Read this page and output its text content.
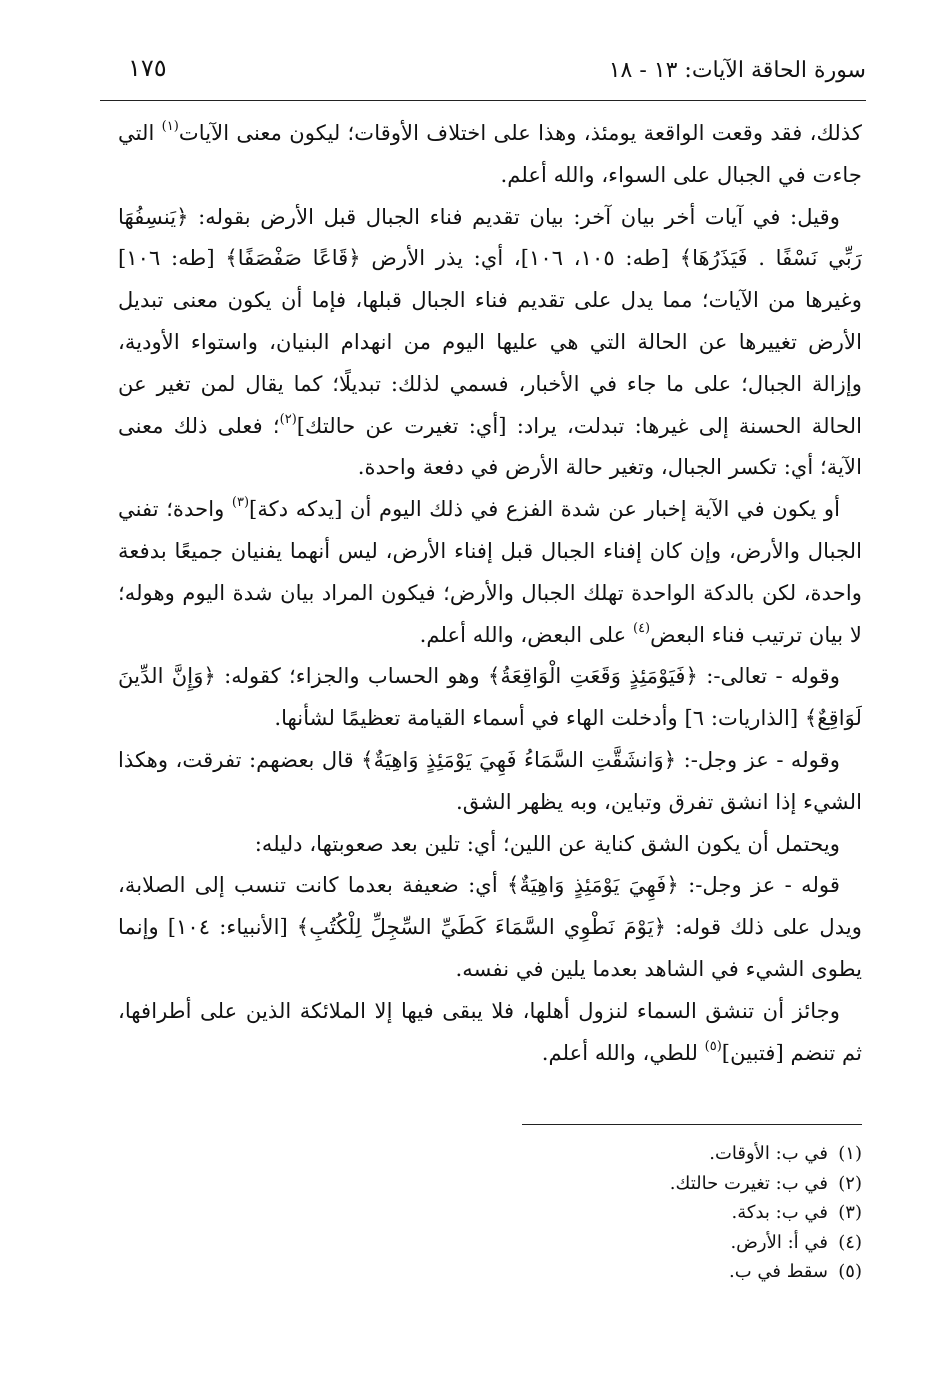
سورة الحاقة الآيات: ١٣ - ١٨
١٧٥

كذلك، فقد وقعت الواقعة يومئذ، وهذا على اختلاف الأوقات؛ ليكون معنى الآيات$^{(١)}$ التي جاءت في الجبال على السواء، والله أعلم.

وقيل: في آيات أخر بيان آخر: بيان تقديم فناء الجبال قبل الأرض بقوله: ﴿يَنسِفُهَا رَبِّي نَسْفًا . فَيَذَرُهَا﴾ [طه: ١٠٥، ١٠٦]، أي: يذر الأرض ﴿قَاعًا صَفْصَفًا﴾ [طه: ١٠٦] وغيرها من الآيات؛ مما يدل على تقديم فناء الجبال قبلها، فإما أن يكون معنى تبديل الأرض تغييرها عن الحالة التي هي عليها اليوم من انهدام البنيان، واستواء الأودية، وإزالة الجبال؛ على ما جاء في الأخبار، فسمي لذلك: تبديلًا؛ كما يقال لمن تغير عن الحالة الحسنة إلى غيرها: تبدلت، يراد: [أي: تغيرت عن حالتك]$^{(٢)}$؛ فعلى ذلك معنى الآية؛ أي: تكسر الجبال، وتغير حالة الأرض في دفعة واحدة.

أو يكون في الآية إخبار عن شدة الفزع في ذلك اليوم أن [يدكه دكة]$^{(٣)}$ واحدة؛ تفني الجبال والأرض، وإن كان إفناء الجبال قبل إفناء الأرض، ليس أنهما يفنيان جميعًا بدفعة واحدة، لكن بالدكة الواحدة تهلك الجبال والأرض؛ فيكون المراد بيان شدة اليوم وهوله؛ لا بيان ترتيب فناء البعض$^{(٤)}$ على البعض، والله أعلم.

وقوله - تعالى-: ﴿فَيَوْمَئِذٍ وَقَعَتِ الْوَاقِعَةُ﴾ وهو الحساب والجزاء؛ كقوله: ﴿وَإِنَّ الدِّينَ لَوَاقِعٌ﴾ [الذاريات: ٦] وأدخلت الهاء في أسماء القيامة تعظيمًا لشأنها.

وقوله - عز وجل-: ﴿وَانشَقَّتِ السَّمَاءُ فَهِيَ يَوْمَئِذٍ وَاهِيَةٌ﴾ قال بعضهم: تفرقت، وهكذا الشيء إذا انشق تفرق وتباين، وبه يظهر الشق.

ويحتمل أن يكون الشق كناية عن اللين؛ أي: تلين بعد صعوبتها، دليله:

قوله - عز وجل-: ﴿فَهِيَ يَوْمَئِذٍ وَاهِيَةٌ﴾ أي: ضعيفة بعدما كانت تنسب إلى الصلابة، ويدل على ذلك قوله: ﴿يَوْمَ نَطْوِي السَّمَاءَ كَطَيِّ السِّجِلِّ لِلْكُتُبِ﴾ [الأنبياء: ١٠٤] وإنما يطوى الشيء في الشاهد بعدما يلين في نفسه.

وجائز أن تنشق السماء لنزول أهلها، فلا يبقى فيها إلا الملائكة الذين على أطرافها، ثم تنضم [فتبين]$^{(٥)}$ للطي، والله أعلم.

(١)في ب: الأوقات.
(٢)في ب: تغيرت حالتك.
(٣)في ب: بدكة.
(٤)في أ: الأرض.
(٥)سقط في ب.
